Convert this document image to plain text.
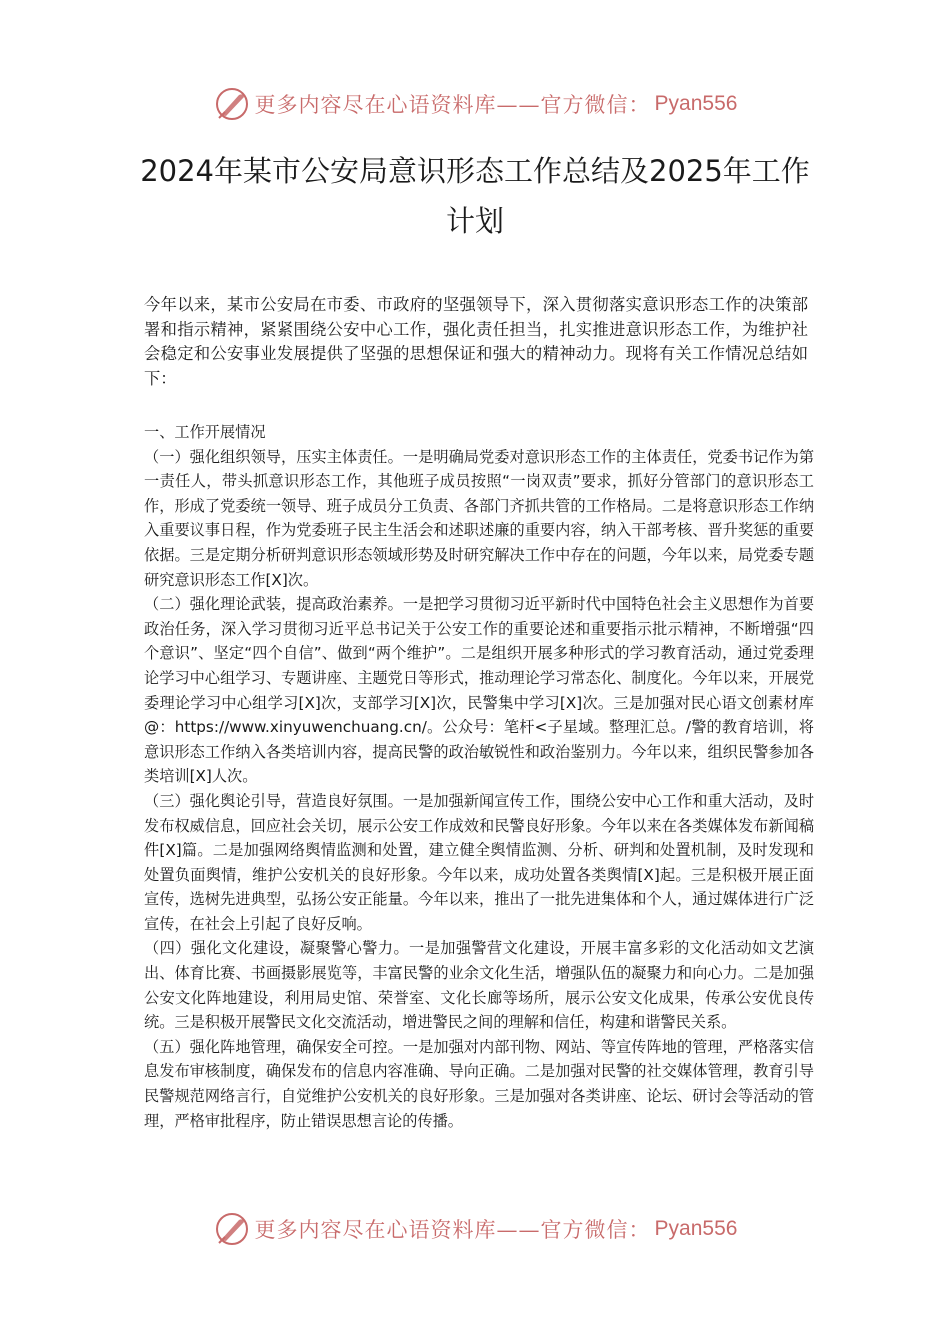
更多内容尽在心语资料库——官方微信： Pyan556
2024年某市公安局意识形态工作总结及2025年工作计划
今年以来，某市公安局在市委、市政府的坚强领导下，深入贯彻落实意识形态工作的决策部署和指示精神，紧紧围绕公安中心工作，强化责任担当，扎实推进意识形态工作，为维护社会稳定和公安事业发展提供了坚强的思想保证和强大的精神动力。现将有关工作情况总结如下：

一、工作开展情况

（一）强化组织领导，压实主体责任。一是明确局党委对意识形态工作的主体责任，党委书记作为第一责任人，带头抓意识形态工作，其他班子成员按照“一岗双责”要求，抓好分管部门的意识形态工作，形成了党委统一领导、班子成员分工负责、各部门齐抓共管的工作格局。二是将意识形态工作纳入重要议事日程，作为党委班子民主生活会和述职述廉的重要内容，纳入干部考核、晋升奖惩的重要依据。三是定期分析研判意识形态领域形势及时研究解决工作中存在的问题，今年以来，局党委专题研究意识形态工作[X]次。

（二）强化理论武装，提高政治素养。一是把学习贯彻习近平新时代中国特色社会主义思想作为首要政治任务，深入学习贯彻习近平总书记关于公安工作的重要论述和重要指示批示精神，不断增强“四个意识”、坚定“四个自信”、做到“两个维护”。二是组织开展多种形式的学习教育活动，通过党委理论学习中心组学习、专题讲座、主题党日等形式，推动理论学习常态化、制度化。今年以来，开展党委理论学习中心组学习[X]次，支部学习[X]次，民警集中学习[X]次。三是加强对民心语文创素材库@：https://www.xinyuwenchuang.cn/。公众号：笔杆<子星域。整理汇总。/警的教育培训，将意识形态工作纳入各类培训内容，提高民警的政治敏锐性和政治鉴别力。今年以来，组织民警参加各类培训[X]人次。

（三）强化舆论引导，营造良好氛围。一是加强新闻宣传工作，围绕公安中心工作和重大活动，及时发布权威信息，回应社会关切，展示公安工作成效和民警良好形象。今年以来在各类媒体发布新闻稿件[X]篇。二是加强网络舆情监测和处置，建立健全舆情监测、分析、研判和处置机制，及时发现和处置负面舆情，维护公安机关的良好形象。今年以来，成功处置各类舆情[X]起。三是积极开展正面宣传，选树先进典型，弘扬公安正能量。今年以来，推出了一批先进集体和个人，通过媒体进行广泛宣传，在社会上引起了良好反响。

（四）强化文化建设，凝聚警心警力。一是加强警营文化建设，开展丰富多彩的文化活动如文艺演出、体育比赛、书画摄影展览等，丰富民警的业余文化生活，增强队伍的凝聚力和向心力。二是加强公安文化阵地建设，利用局史馆、荣誉室、文化长廊等场所，展示公安文化成果，传承公安优良传统。三是积极开展警民文化交流活动，增进警民之间的理解和信任，构建和谐警民关系。

（五）强化阵地管理，确保安全可控。一是加强对内部刊物、网站、等宣传阵地的管理，严格落实信息发布审核制度，确保发布的信息内容准确、导向正确。二是加强对民警的社交媒体管理，教育引导民警规范网络言行，自觉维护公安机关的良好形象。三是加强对各类讲座、论坛、研讨会等活动的管理，严格审批程序，防止错误思想言论的传播。

更多内容尽在心语资料库——官方微信： Pyan556
